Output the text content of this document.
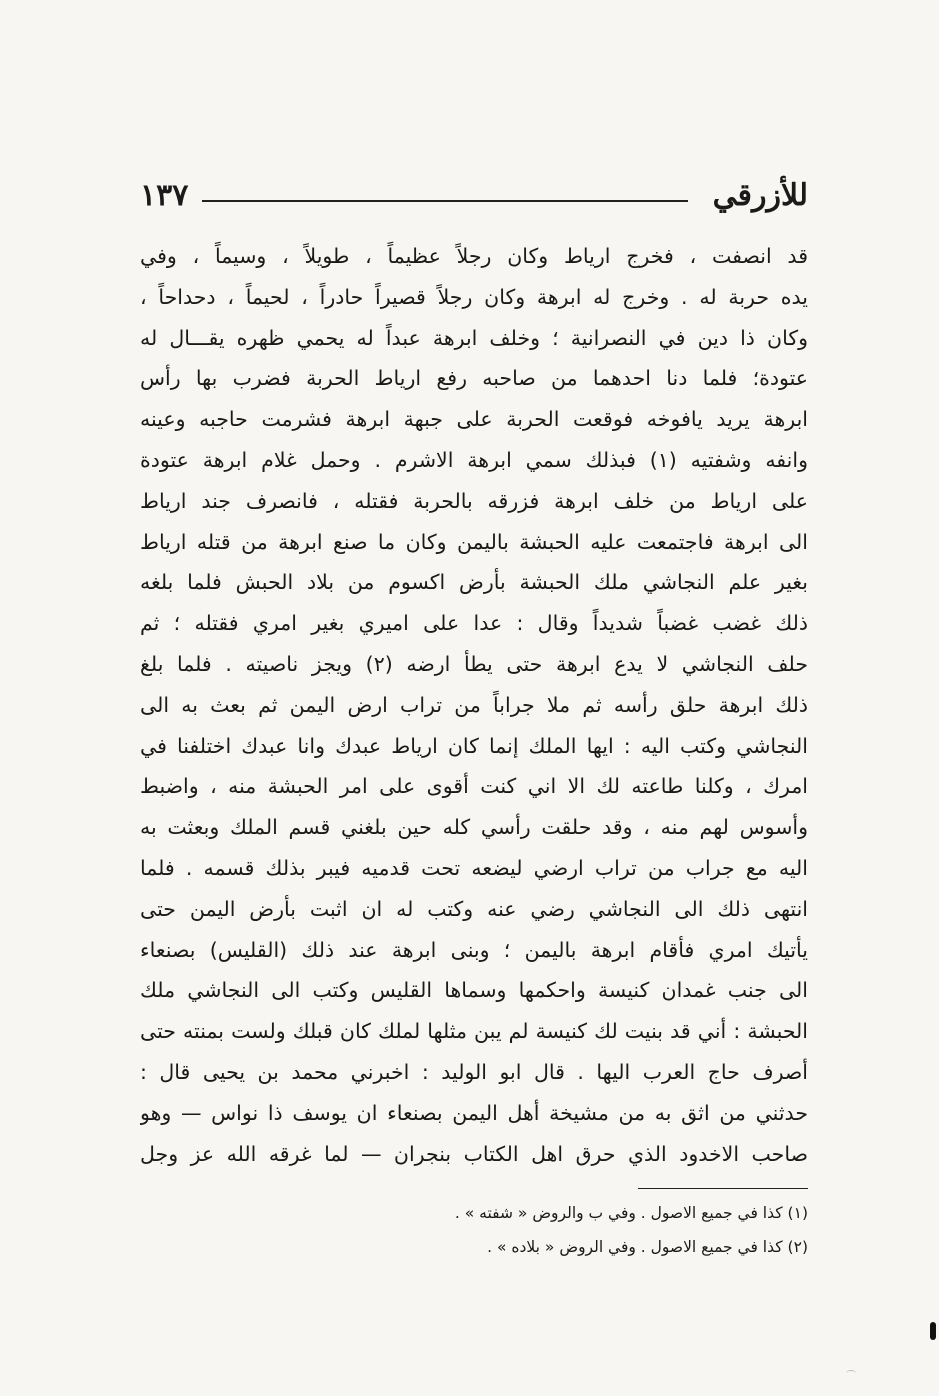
للأزرقي
١٣٧
قد انصفت ، فخرج ارياط وكان رجلاً عظيماً ، طويلاً ، وسيماً ، وفي
يده حربة له . وخرج له ابرهة وكان رجلاً قصيراً حادراً ، لحيماً ، دحداحاً ،
وكان ذا دين في النصرانية ؛ وخلف ابرهة عبداً له يحمي ظهره يقـــال له
عتودة؛ فلما دنا احدهما من صاحبه رفع ارياط الحربة فضرب بها رأس
ابرهة يريد يافوخه فوقعت الحربة على جبهة ابرهة فشرمت حاجبه وعينه
وانفه وشفتيه (١) فبذلك سمي ابرهة الاشرم . وحمل غلام ابرهة عتودة
على ارياط من خلف ابرهة فزرقه بالحربة فقتله ، فانصرف جند ارياط
الى ابرهة فاجتمعت عليه الحبشة باليمن وكان ما صنع ابرهة من قتله ارياط
بغير علم النجاشي ملك الحبشة بأرض اكسوم من بلاد الحبش فلما بلغه
ذلك غضب غضباً شديداً وقال : عدا على اميري بغير امري فقتله ؛ ثم
حلف النجاشي لا يدع ابرهة حتى يطأ ارضه (٢) ويجز ناصيته . فلما بلغ
ذلك ابرهة حلق رأسه ثم ملا جراباً من تراب ارض اليمن ثم بعث به الى
النجاشي وكتب اليه : ايها الملك إنما كان ارياط عبدك وانا عبدك اختلفنا في
امرك ، وكلنا طاعته لك الا اني كنت أقوى على امر الحبشة منه ، واضبط
وأسوس لهم منه ، وقد حلقت رأسي كله حين بلغني قسم الملك وبعثت به
اليه مع جراب من تراب ارضي ليضعه تحت قدميه فيبر بذلك قسمه . فلما
انتهى ذلك الى النجاشي رضي عنه وكتب له ان اثبت بأرض اليمن حتى
يأتيك امري فأقام ابرهة باليمن ؛ وبنى ابرهة عند ذلك (القليس) بصنعاء
الى جنب غمدان كنيسة واحكمها وسماها القليس وكتب الى النجاشي ملك
الحبشة : أني قد بنيت لك كنيسة لم يبن مثلها لملك كان قبلك ولست بمنته حتى
أصرف حاج العرب اليها . قال ابو الوليد : اخبرني محمد بن يحيى قال :
حدثني من اثق به من مشيخة أهل اليمن بصنعاء ان يوسف ذا نواس — وهو
صاحب الاخدود الذي حرق اهل الكتاب بنجران — لما غرقه الله عز وجل
(١) كذا في جميع الاصول . وفي ب والروض « شفته » .
(٢) كذا في جميع الاصول . وفي الروض « بلاده » .
